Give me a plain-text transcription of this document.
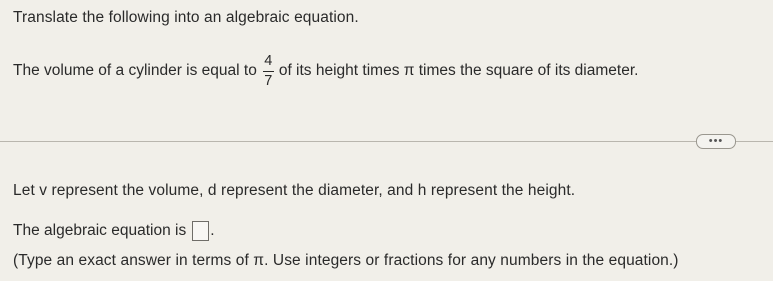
Translate the following into an algebraic equation.
The volume of a cylinder is equal to $\frac{4}{7}$ of its height times π times the square of its diameter.
•••
Let v represent the volume, d represent the diameter, and h represent the height.
The algebraic equation is .
(Type an exact answer in terms of π. Use integers or fractions for any numbers in the equation.)
